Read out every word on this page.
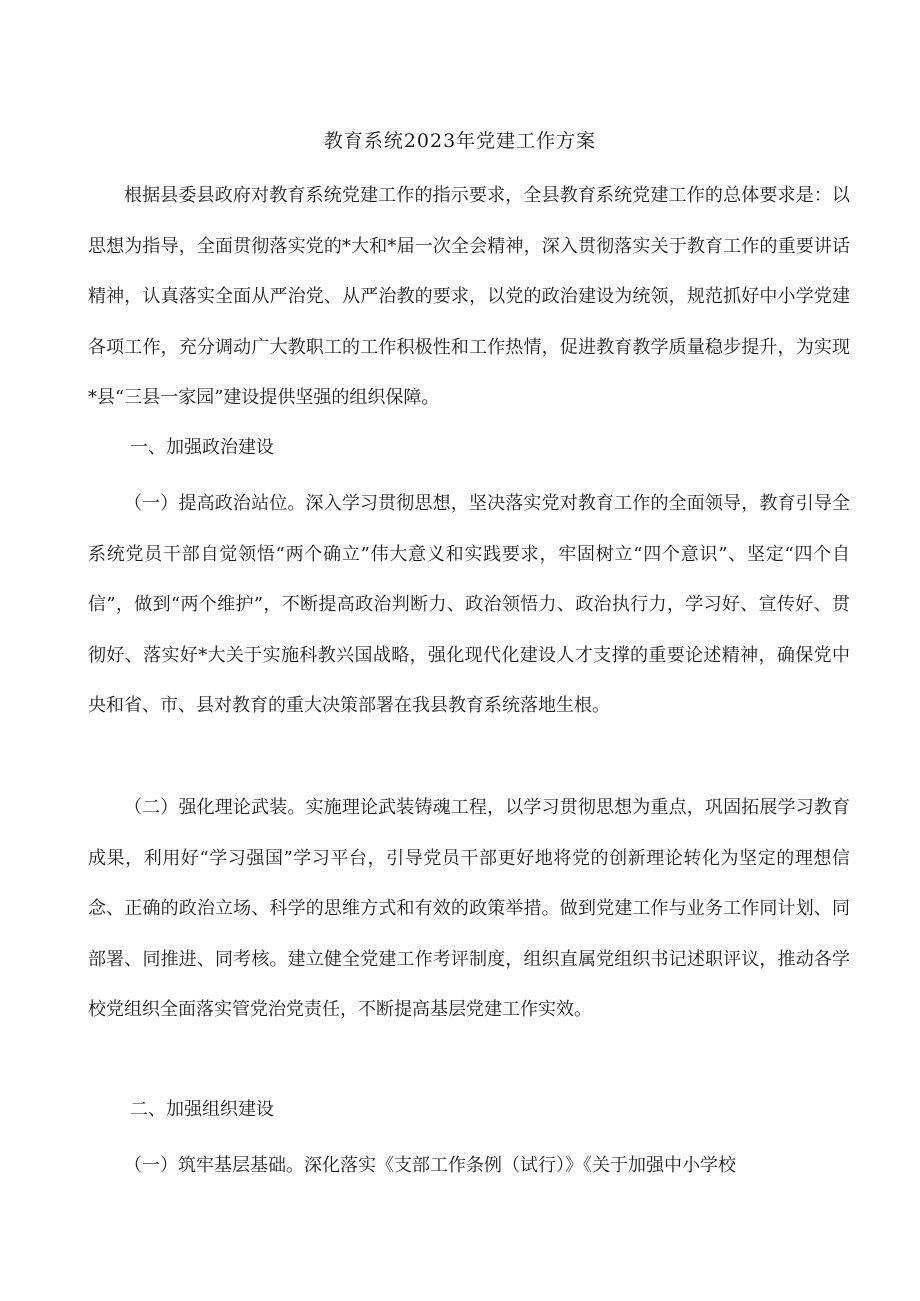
教育系统2023年党建工作方案

根据县委县政府对教育系统党建工作的指示要求，全县教育系统党建工作的总体要求是：以思想为指导，全面贯彻落实党的*大和*届一次全会精神，深入贯彻落实关于教育工作的重要讲话精神，认真落实全面从严治党、从严治教的要求，以党的政治建设为统领，规范抓好中小学党建各项工作，充分调动广大教职工的工作积极性和工作热情，促进教育教学质量稳步提升，为实现*县“三县一家园”建设提供坚强的组织保障。

一、加强政治建设

（一）提高政治站位。深入学习贯彻思想，坚决落实党对教育工作的全面领导，教育引导全系统党员干部自觉领悟“两个确立”伟大意义和实践要求，牢固树立“四个意识”、坚定“四个自信”，做到“两个维护”，不断提高政治判断力、政治领悟力、政治执行力，学习好、宣传好、贯彻好、落实好*大关于实施科教兴国战略，强化现代化建设人才支撑的重要论述精神，确保党中央和省、市、县对教育的重大决策部署在我县教育系统落地生根。

（二）强化理论武装。实施理论武装铸魂工程，以学习贯彻思想为重点，巩固拓展学习教育成果，利用好“学习强国”学习平台，引导党员干部更好地将党的创新理论转化为坚定的理想信念、正确的政治立场、科学的思维方式和有效的政策举措。做到党建工作与业务工作同计划、同部署、同推进、同考核。建立健全党建工作考评制度，组织直属党组织书记述职评议，推动各学校党组织全面落实管党治党责任，不断提高基层党建工作实效。

二、加强组织建设

（一）筑牢基层基础。深化落实《支部工作条例（试行）》《关于加强中小学校
